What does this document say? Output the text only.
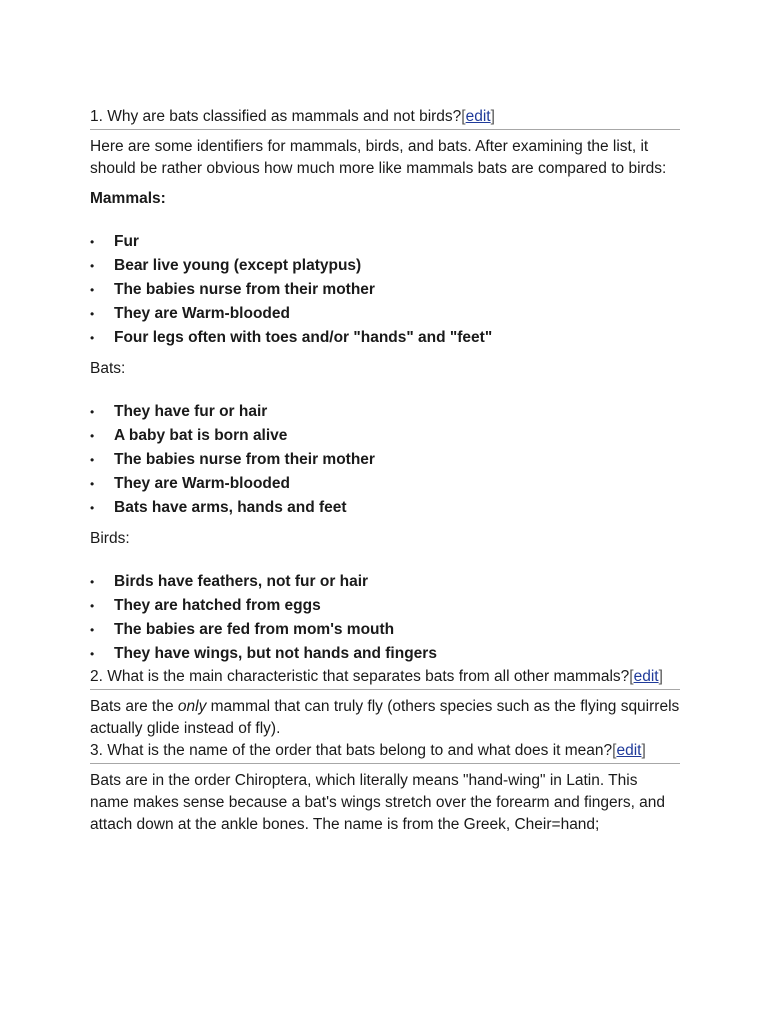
1. Why are bats classified as mammals and not birds?[edit]

Here are some identifiers for mammals, birds, and bats. After examining the list, it should be rather obvious how much more like mammals bats are compared to birds:

Mammals:

• Fur
• Bear live young (except platypus)
• The babies nurse from their mother
• They are Warm-blooded
• Four legs often with toes and/or "hands" and "feet"

Bats:

• They have fur or hair
• A baby bat is born alive
• The babies nurse from their mother
• They are Warm-blooded
• Bats have arms, hands and feet

Birds:

• Birds have feathers, not fur or hair
• They are hatched from eggs
• The babies are fed from mom's mouth
• They have wings, but not hands and fingers
2. What is the main characteristic that separates bats from all other mammals?[edit]

Bats are the only mammal that can truly fly (others species such as the flying squirrels actually glide instead of fly).

3. What is the name of the order that bats belong to and what does it mean?[edit]

Bats are in the order Chiroptera, which literally means "hand-wing" in Latin. This name makes sense because a bat's wings stretch over the forearm and fingers, and attach down at the ankle bones. The name is from the Greek, Cheir=hand;
